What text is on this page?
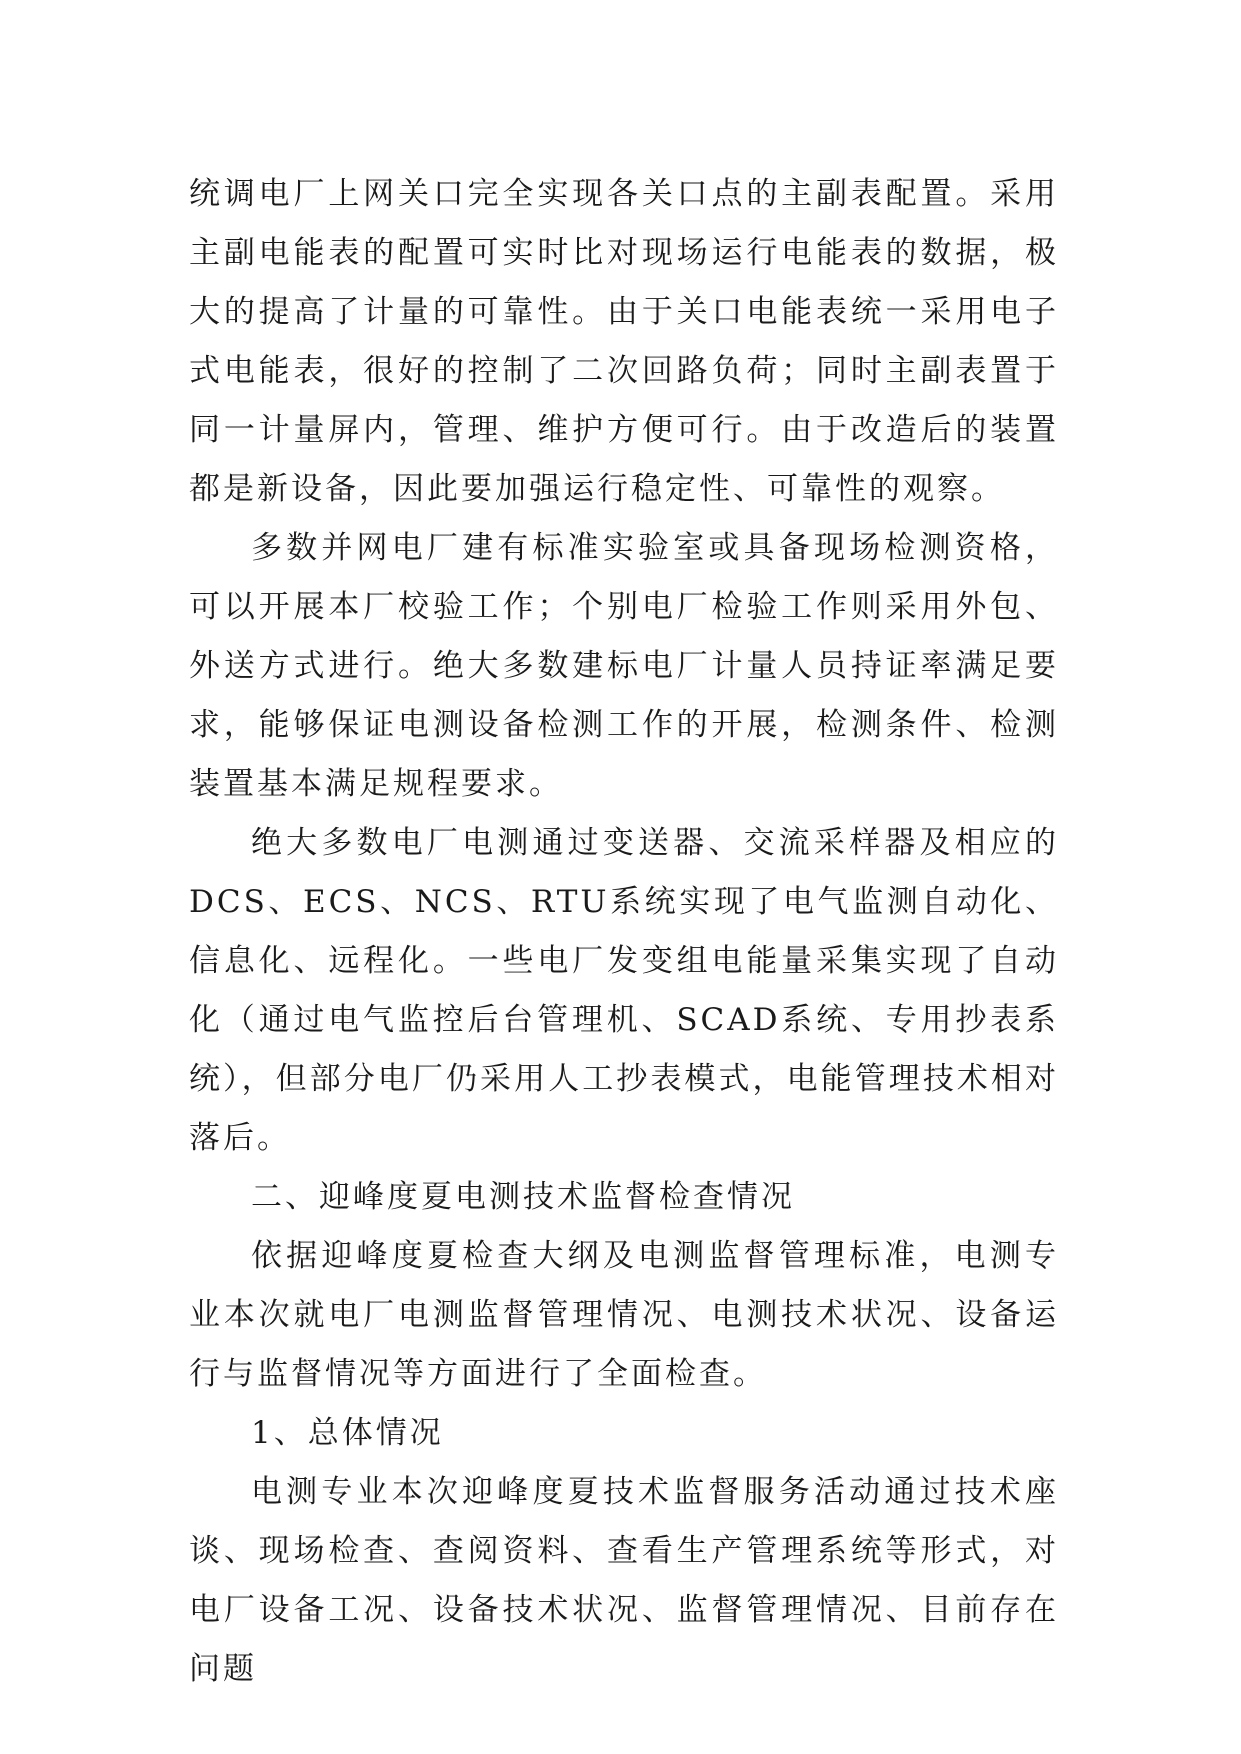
统调电厂上网关口完全实现各关口点的主副表配置。采用主副电能表的配置可实时比对现场运行电能表的数据，极大的提高了计量的可靠性。由于关口电能表统一采用电子式电能表，很好的控制了二次回路负荷；同时主副表置于同一计量屏内，管理、维护方便可行。由于改造后的装置都是新设备，因此要加强运行稳定性、可靠性的观察。

多数并网电厂建有标准实验室或具备现场检测资格，可以开展本厂校验工作；个别电厂检验工作则采用外包、外送方式进行。绝大多数建标电厂计量人员持证率满足要求，能够保证电测设备检测工作的开展，检测条件、检测装置基本满足规程要求。

绝大多数电厂电测通过变送器、交流采样器及相应的DCS、ECS、NCS、RTU系统实现了电气监测自动化、信息化、远程化。一些电厂发变组电能量采集实现了自动化（通过电气监控后台管理机、SCAD系统、专用抄表系统），但部分电厂仍采用人工抄表模式，电能管理技术相对落后。

二、迎峰度夏电测技术监督检查情况

依据迎峰度夏检查大纲及电测监督管理标准，电测专业本次就电厂电测监督管理情况、电测技术状况、设备运行与监督情况等方面进行了全面检查。

1、总体情况

电测专业本次迎峰度夏技术监督服务活动通过技术座谈、现场检查、查阅资料、查看生产管理系统等形式，对电厂设备工况、设备技术状况、监督管理情况、目前存在问题
